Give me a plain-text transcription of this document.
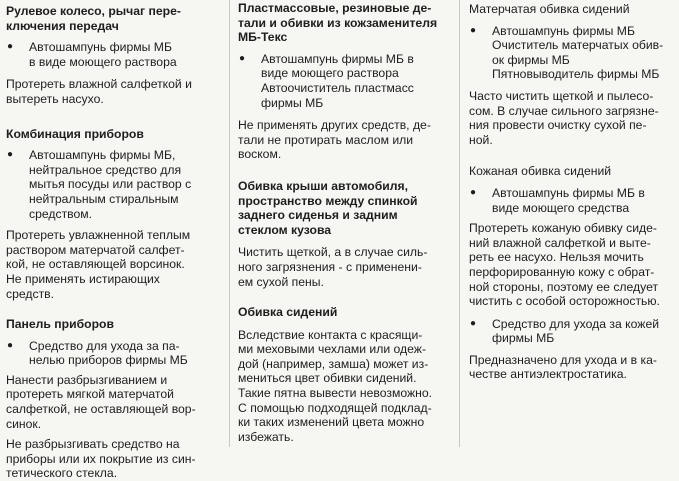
Рулевое колесо, рычаг пере-
ключения передач

●	Автошампунь фирмы МБ
в виде моющего раствора

Протереть влажной салфеткой и
вытереть насухо.

Комбинация приборов

●	Автошампунь фирмы МБ,
нейтральное средство для
мытья посуды или раствор с
нейтральным стиральным
средством.

Протереть увлажненной теплым
раствором матерчатой салфет-
кой, не оставляющей ворсинок.
Не применять истирающих
средств.

Панель приборов

●	Средство для ухода за па-
нелью приборов фирмы МБ

Нанести разбрызгиванием и
протереть мягкой матерчатой
салфеткой, не оставляющей вор-
синок.

Не разбрызгивать средство на
приборы или их покрытие из син-
тетического стекла.

Пластмассовые, резиновые де-
тали и обивки из кожзаменителя
МБ-Текс

●	Автошампунь фирмы МБ в
виде моющего раствора
Автоочиститель пластмасс
фирмы МБ

Не применять других средств, де-
тали не протирать маслом или
воском.

Обивка крыши автомобиля,
пространство между спинкой
заднего сиденья и задним
стеклом кузова

Чистить щеткой, а в случае силь-
ного загрязнения - с применени-
ем сухой пены.

Обивка сидений

Вследствие контакта с красящи-
ми меховыми чехлами или одеж-
дой (например, замша) может из-
мениться цвет обивки сидений.
Такие пятна вывести невозможно.
С помощью подходящей подклад-
ки таких изменений цвета можно
избежать.

Матерчатая обивка сидений

●	Автошампунь фирмы МБ
Очиститель матерчатых обив-
ок фирмы МБ
Пятновыводитель фирмы МБ

Часто чистить щеткой и пылесо-
сом. В случае сильного загрязне-
ния провести очистку сухой пе-
ной.

Кожаная обивка сидений

●	Автошампунь фирмы МБ в
виде моющего средства

Протереть кожаную обивку сиде-
ний влажной салфеткой и выте-
реть ее насухо. Нельзя мочить
перфорированную кожу с обрат-
ной стороны, поэтому ее следует
чистить с особой осторожностью.

●	Средство для ухода за кожей
фирмы МБ

Предназначено для ухода и в ка-
честве антиэлектростатика.
